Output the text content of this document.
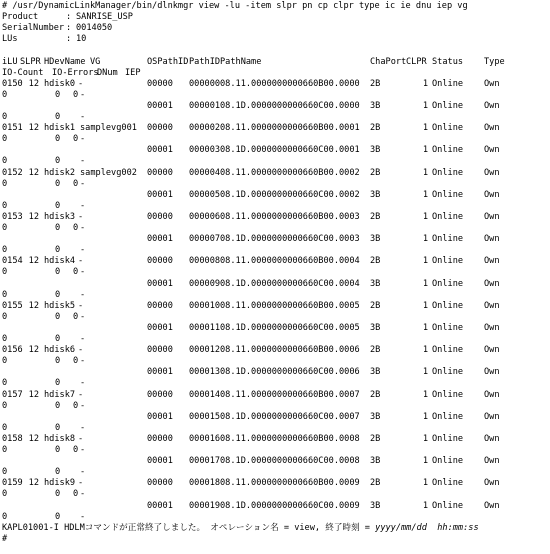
# /usr/DynamicLinkManager/bin/dlnkmgr view -lu -item slpr pn cp clpr type ic ie dnu iep vg
Product	: SANRISE_USP
SerialNumber : 0014050
LUs	: 10
iLU SLPR HDevName VG	OSPathID PathID PathName	ChaPort CLPR Status Type
IO-Count IO-Errors
DNum IEP
0150 12 hdisk0 -	00000 000000 08.11.0000000000660B00.0000 2B	1 Online Own
0	0 0 -
00001 000001 08.1D.0000000000660C00.0000 3B	1 Online Own
0	0 -
0151 12 hdisk1 samplevg001 00000 000002 08.11.0000000000660B00.0001 2B	1 Online Own
0	0 0 -
00001 000003 08.1D.0000000000660C00.0001 3B	1 Online Own
0	0 -
0152 12 hdisk2 samplevg002 00000 000004 08.11.0000000000660B00.0002 2B	1 Online Own
0	0 0 -
00001 000005 08.1D.0000000000660C00.0002 3B	1 Online Own
0	0 -
0153 12 hdisk3 -	00000 000006 08.11.0000000000660B00.0003 2B	1 Online Own
0	0 0 -
00001 000007 08.1D.0000000000660C00.0003 3B	1 Online Own
0	0 -
0154 12 hdisk4 -	00000 000008 08.11.0000000000660B00.0004 2B	1 Online Own
0	0 0 -
00001 000009 08.1D.0000000000660C00.0004 3B	1 Online Own
0	0 -
0155 12 hdisk5 -	00000 000010 08.11.0000000000660B00.0005 2B	1 Online Own
0	0 0 -
00001 000011 08.1D.0000000000660C00.0005 3B	1 Online Own
0	0 -
0156 12 hdisk6 -	00000 000012 08.11.0000000000660B00.0006 2B	1 Online Own
0	0 0 -
00001 000013 08.1D.0000000000660C00.0006 3B	1 Online Own
0	0 -
0157 12 hdisk7 -	00000 000014 08.11.0000000000660B00.0007 2B	1 Online Own
0	0 0 -
00001 000015 08.1D.0000000000660C00.0007 3B	1 Online Own
0	0 -
0158 12 hdisk8 -	00000 000016 08.11.0000000000660B00.0008 2B	1 Online Own
0	0 0 -
00001 000017 08.1D.0000000000660C00.0008 3B	1 Online Own
0	0 -
0159 12 hdisk9 -	00000 000018 08.11.0000000000660B00.0009 2B	1 Online Own
0	0 0 -
00001 000019 08.1D.0000000000660C00.0009 3B	1 Online Own
0	0 -
KAPL01001-I HDLMコマンドが正常終了しました。 オペレーション名 = view, 終了時刻 = yyyy/mm/dd  hh:mm:ss
#
